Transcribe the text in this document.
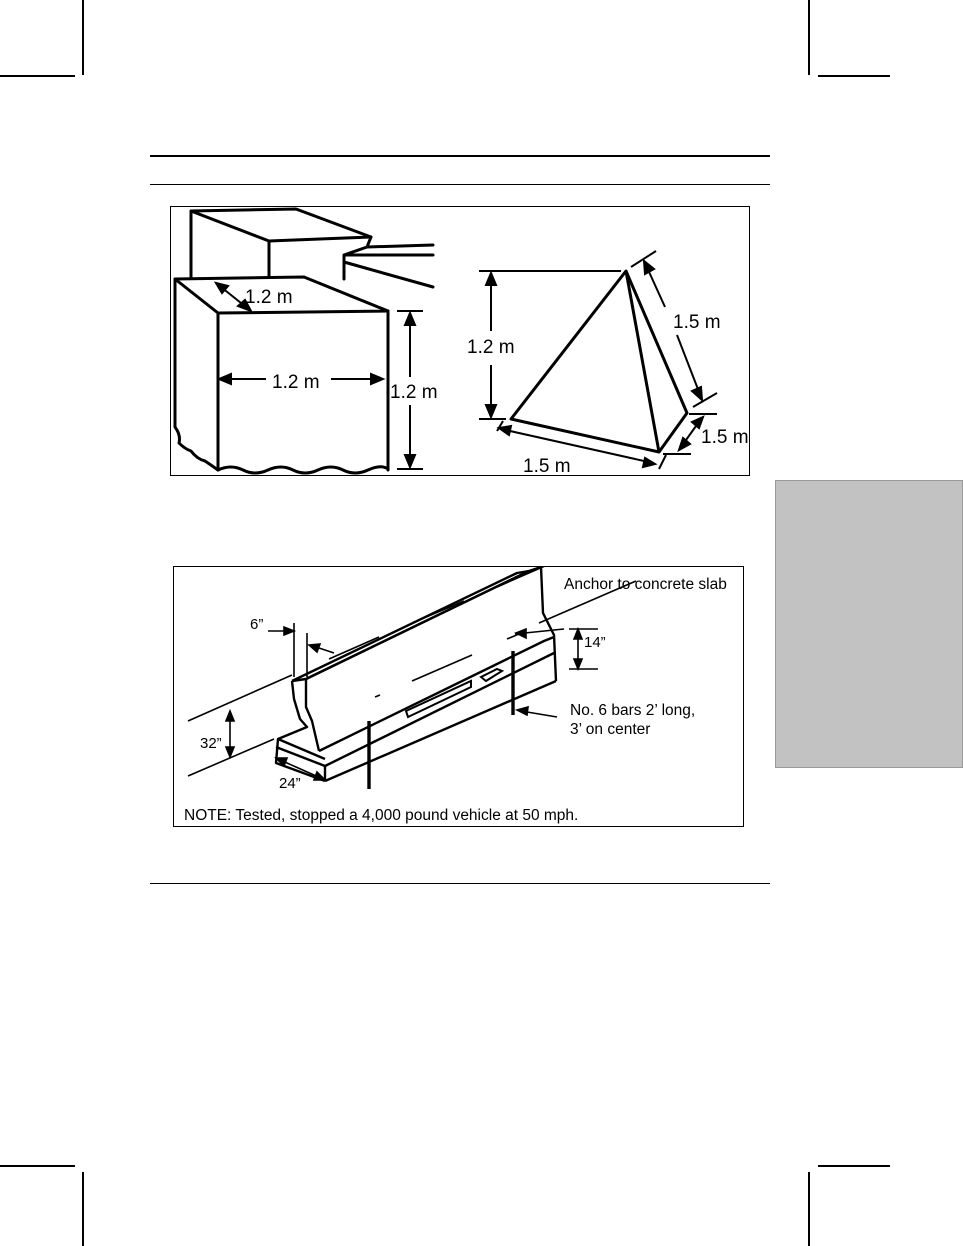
1.2 m
1.2 m	1.2 m
1.2 m
1.5 m
1.5 m
1.5 m
Anchor to concrete slab
6”
14”
No. 6 bars 2’ long,
3’ on center
32”
24”
NOTE: Tested, stopped a 4,000 pound vehicle at 50 mph.
